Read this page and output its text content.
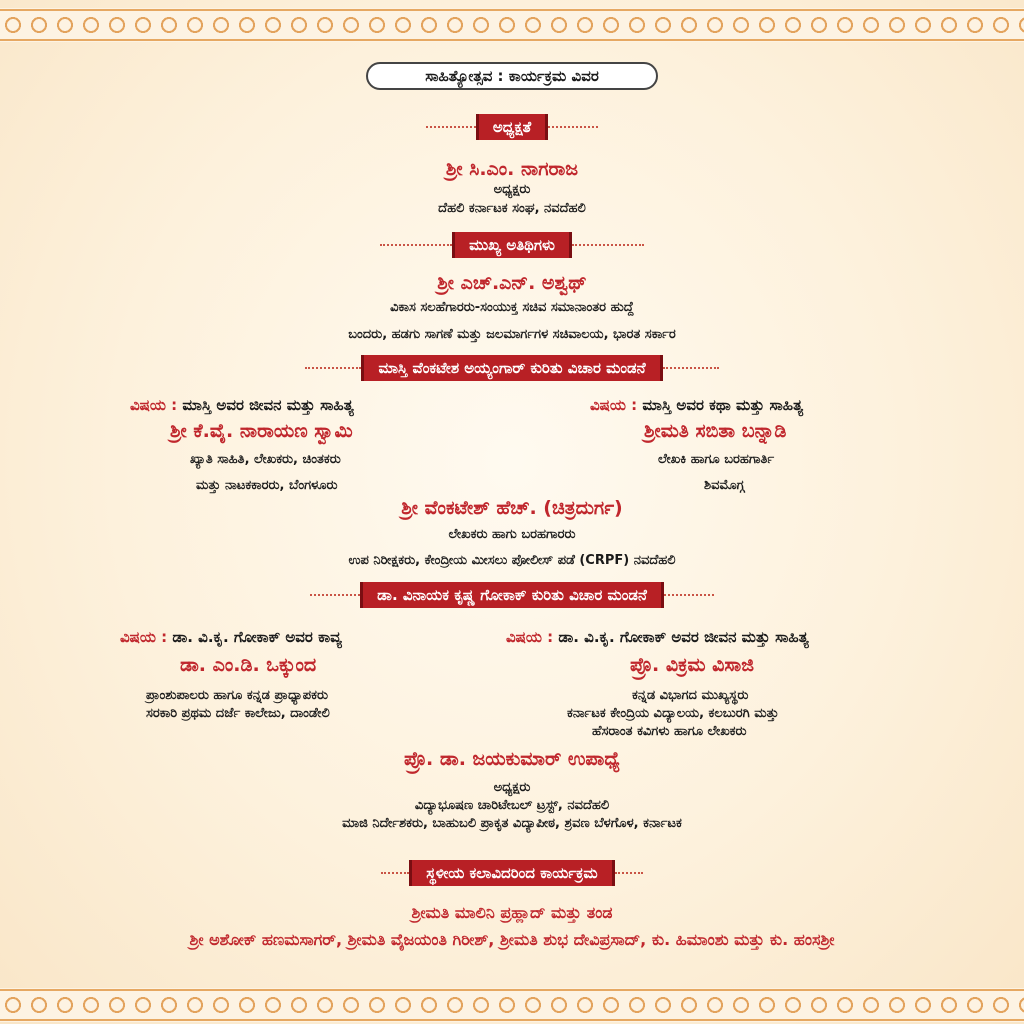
ಸಾಹಿತ್ಯೋತ್ಸವ : ಕಾರ್ಯಕ್ರಮ ವಿವರ
ಅಧ್ಯಕ್ಷತೆ
ಶ್ರೀ ಸಿ.ಎಂ. ನಾಗರಾಜ
ಅಧ್ಯಕ್ಷರು
ದೆಹಲಿ ಕರ್ನಾಟಕ ಸಂಘ, ನವದೆಹಲಿ
ಮುಖ್ಯ ಅತಿಥಿಗಳು
ಶ್ರೀ ಎಚ್.ಎನ್. ಅಶ್ವಥ್
ವಿಕಾಸ ಸಲಹೆಗಾರರು-ಸಂಯುಕ್ತ ಸಚಿವ ಸಮಾನಾಂತರ ಹುದ್ದೆ
ಬಂದರು, ಹಡಗು ಸಾಗಣೆ ಮತ್ತು ಜಲಮಾರ್ಗಗಳ ಸಚಿವಾಲಯ, ಭಾರತ ಸರ್ಕಾರ
ಮಾಸ್ತಿ ವೆಂಕಟೇಶ ಅಯ್ಯಂಗಾರ್ ಕುರಿತು ವಿಚಾರ ಮಂಡನೆ
ವಿಷಯ : ಮಾಸ್ತಿ ಅವರ ಜೀವನ ಮತ್ತು ಸಾಹಿತ್ಯ
ಶ್ರೀ ಕೆ.ವೈ. ನಾರಾಯಣ ಸ್ವಾಮಿ
ಖ್ಯಾತಿ ಸಾಹಿತಿ, ಲೇಖಕರು, ಚಿಂತಕರು
ಮತ್ತು ನಾಟಕಕಾರರು, ಬೆಂಗಳೂರು
ವಿಷಯ : ಮಾಸ್ತಿ ಅವರ ಕಥಾ ಮತ್ತು ಸಾಹಿತ್ಯ
ಶ್ರೀಮತಿ ಸಬಿತಾ ಬನ್ನಾಡಿ
ಲೇಖಕಿ ಹಾಗೂ ಬರಹಗಾರ್ತಿ
ಶಿವಮೊಗ್ಗ
ಶ್ರೀ ವೆಂಕಟೇಶ್ ಹೆಚ್. (ಚಿತ್ರದುರ್ಗ)
ಲೇಖಕರು ಹಾಗು ಬರಹಗಾರರು
ಉಪ ನಿರೀಕ್ಷಕರು, ಕೇಂದ್ರೀಯ ಮೀಸಲು ಪೋಲೀಸ್ ಪಡೆ (CRPF) ನವದೆಹಲಿ
ಡಾ. ವಿನಾಯಕ ಕೃಷ್ಣ ಗೋಕಾಕ್ ಕುರಿತು ವಿಚಾರ ಮಂಡನೆ
ವಿಷಯ : ಡಾ. ವಿ.ಕೃ. ಗೋಕಾಕ್ ಅವರ ಕಾವ್ಯ
ಡಾ. ಎಂ.ಡಿ. ಒಕ್ಕುಂದ
ಪ್ರಾಂಶುಪಾಲರು ಹಾಗೂ ಕನ್ನಡ ಪ್ರಾಧ್ಯಾಪಕರು
ಸರಕಾರಿ ಪ್ರಥಮ ದರ್ಜೆ ಕಾಲೇಜು, ದಾಂಡೇಲಿ
ವಿಷಯ : ಡಾ. ವಿ.ಕೃ. ಗೋಕಾಕ್ ಅವರ ಜೀವನ ಮತ್ತು ಸಾಹಿತ್ಯ
ಪ್ರೊ. ವಿಕ್ರಮ ವಿಸಾಜಿ
ಕನ್ನಡ ವಿಭಾಗದ ಮುಖ್ಯಸ್ಥರು
ಕರ್ನಾಟಕ ಕೇಂದ್ರಿಯ ವಿದ್ಯಾಲಯ, ಕಲಬುರಗಿ ಮತ್ತು
ಹೆಸರಾಂತ ಕವಿಗಳು ಹಾಗೂ ಲೇಖಕರು
ಪ್ರೊ. ಡಾ. ಜಯಕುಮಾರ್ ಉಪಾಧ್ಯೆ
ಅಧ್ಯಕ್ಷರು
ವಿದ್ಯಾಭೂಷಣ ಚಾರಿಟೇಬಲ್ ಟ್ರಸ್ಟ್, ನವದೆಹಲಿ
ಮಾಜಿ ನಿರ್ದೇಶಕರು, ಬಾಹುಬಲಿ ಪ್ರಾಕೃತ ವಿದ್ಯಾಪೀಠ, ಶ್ರವಣ ಬೆಳಗೊಳ, ಕರ್ನಾಟಕ
ಸ್ಥಳೀಯ ಕಲಾವಿದರಿಂದ ಕಾರ್ಯಕ್ರಮ
ಶ್ರೀಮತಿ ಮಾಲಿನಿ ಪ್ರಹ್ಲಾದ್ ಮತ್ತು ತಂಡ
ಶ್ರೀ ಅಶೋಕ್ ಹಣಮಸಾಗರ್, ಶ್ರೀಮತಿ ವೈಜಯಂತಿ ಗಿರೀಶ್, ಶ್ರೀಮತಿ ಶುಭ ದೇವಿಪ್ರಸಾದ್, ಕು. ಹಿಮಾಂಶು ಮತ್ತು ಕು. ಹಂಸಶ್ರೀ
